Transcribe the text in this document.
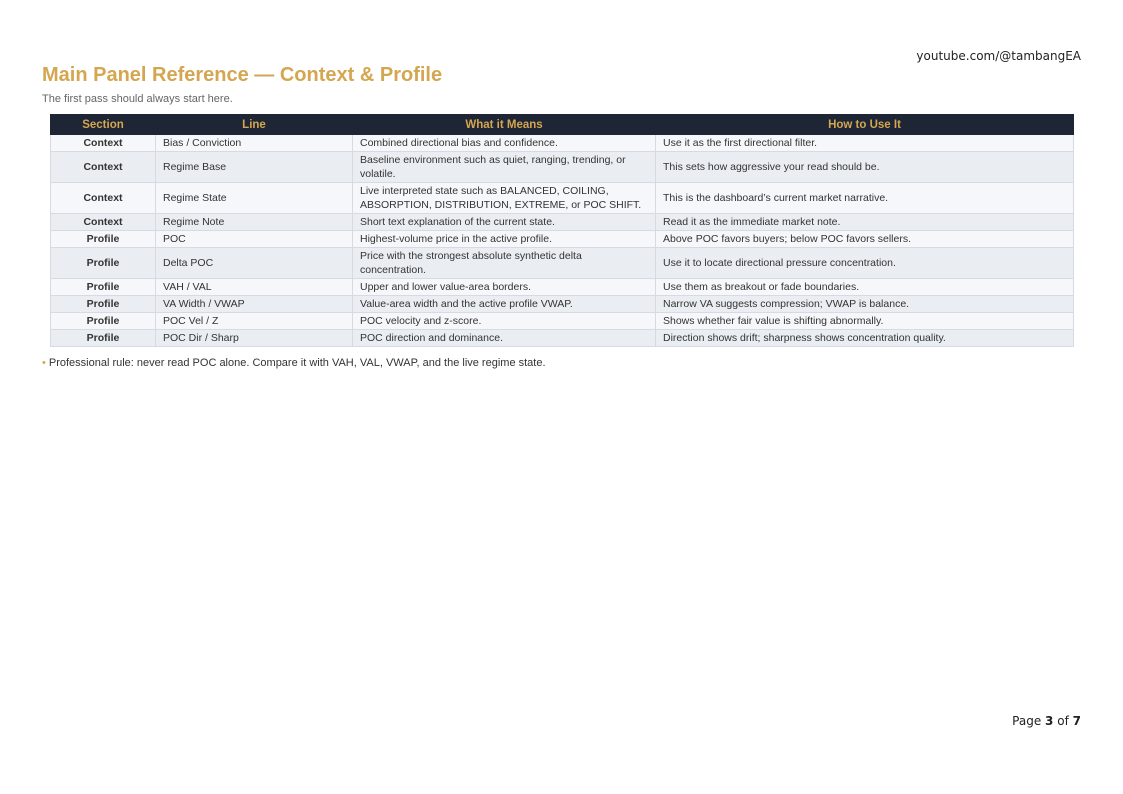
youtube.com/@tambangEA
Main Panel Reference — Context & Profile
The first pass should always start here.
Section	Line	What it Means	How to Use It
Context	Bias / Conviction	Combined directional bias and confidence.	Use it as the first directional filter.
Context	Regime Base	Baseline environment such as quiet, ranging, trending, or volatile.	This sets how aggressive your read should be.
Context	Regime State	Live interpreted state such as BALANCED, COILING, ABSORPTION, DISTRIBUTION, EXTREME, or POC SHIFT.	This is the dashboard’s current market narrative.
Context	Regime Note	Short text explanation of the current state.	Read it as the immediate market note.
Profile	POC	Highest-volume price in the active profile.	Above POC favors buyers; below POC favors sellers.
Profile	Delta POC	Price with the strongest absolute synthetic delta concentration.	Use it to locate directional pressure concentration.
Profile	VAH / VAL	Upper and lower value-area borders.	Use them as breakout or fade boundaries.
Profile	VA Width / VWAP	Value-area width and the active profile VWAP.	Narrow VA suggests compression; VWAP is balance.
Profile	POC Vel / Z	POC velocity and z-score.	Shows whether fair value is shifting abnormally.
Profile	POC Dir / Sharp	POC direction and dominance.	Direction shows drift; sharpness shows concentration quality.
• Professional rule: never read POC alone. Compare it with VAH, VAL, VWAP, and the live regime state.
Page 3 of 7
